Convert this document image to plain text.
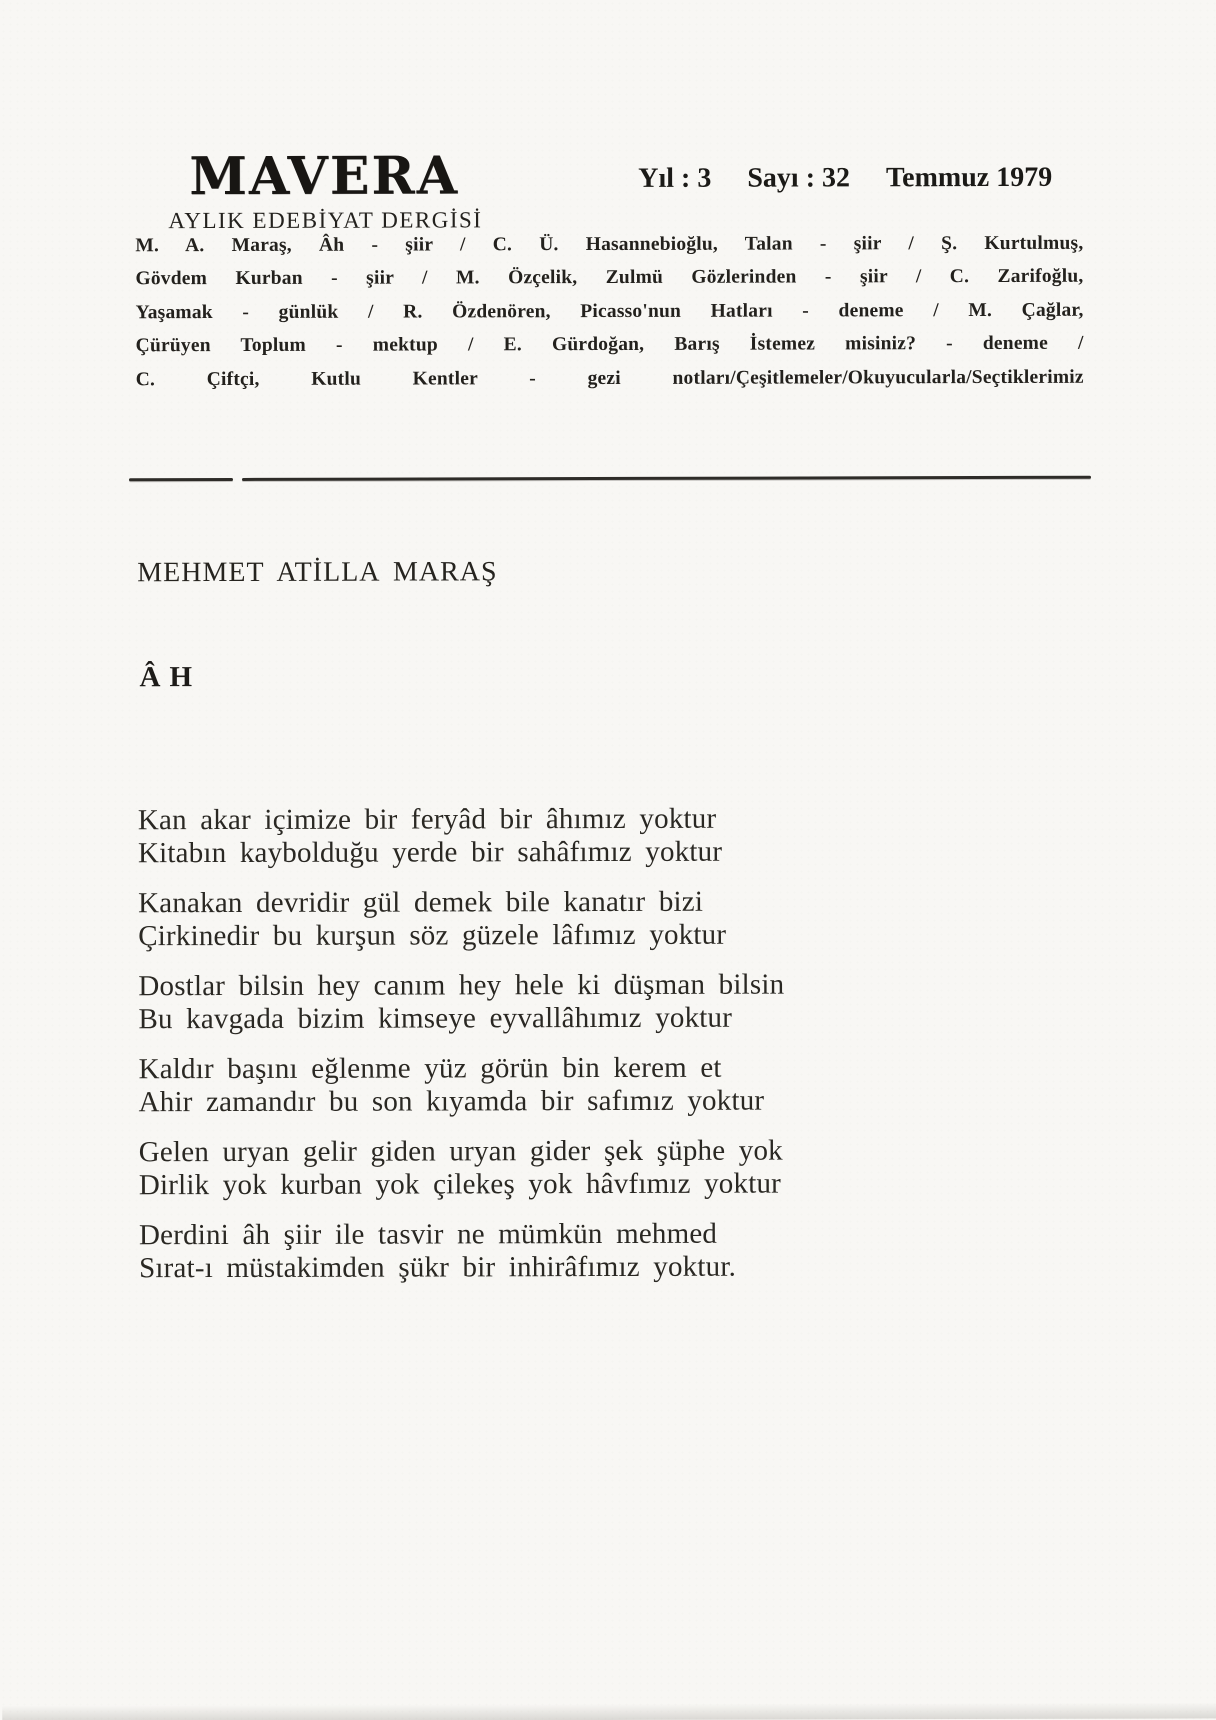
MAVERA
AYLIK EDEBİYAT DERGİSİ
Yıl : 3 Sayı : 32 Temmuz 1979
M. A. Maraş, Âh - şiir / C. Ü. Hasannebioğlu, Talan - şiir / Ş. Kurtulmuş,
Gövdem Kurban - şiir / M. Özçelik, Zulmü Gözlerinden - şiir / C. Zarifoğlu,
Yaşamak - günlük / R. Özdenören, Picasso'nun Hatları - deneme / M. Çağlar,
Çürüyen Toplum - mektup / E. Gürdoğan, Barış İstemez misiniz? - deneme /
C. Çiftçi, Kutlu Kentler - gezi notları/Çeşitlemeler/Okuyucularla/Seçtiklerimiz
MEHMET ATİLLA MARAŞ
ÂH
Kan akar içimize bir feryâd bir âhımız yoktur
Kitabın kaybolduğu yerde bir sahâfımız yoktur
Kanakan devridir gül demek bile kanatır bizi
Çirkinedir bu kurşun söz güzele lâfımız yoktur
Dostlar bilsin hey canım hey hele ki düşman bilsin
Bu kavgada bizim kimseye eyvallâhımız yoktur
Kaldır başını eğlenme yüz görün bin kerem et
Ahir zamandır bu son kıyamda bir safımız yoktur
Gelen uryan gelir giden uryan gider şek şüphe yok
Dirlik yok kurban yok çilekeş yok hâvfımız yoktur
Derdini âh şiir ile tasvir ne mümkün mehmed
Sırat-ı müstakimden şükr bir inhirâfımız yoktur.
